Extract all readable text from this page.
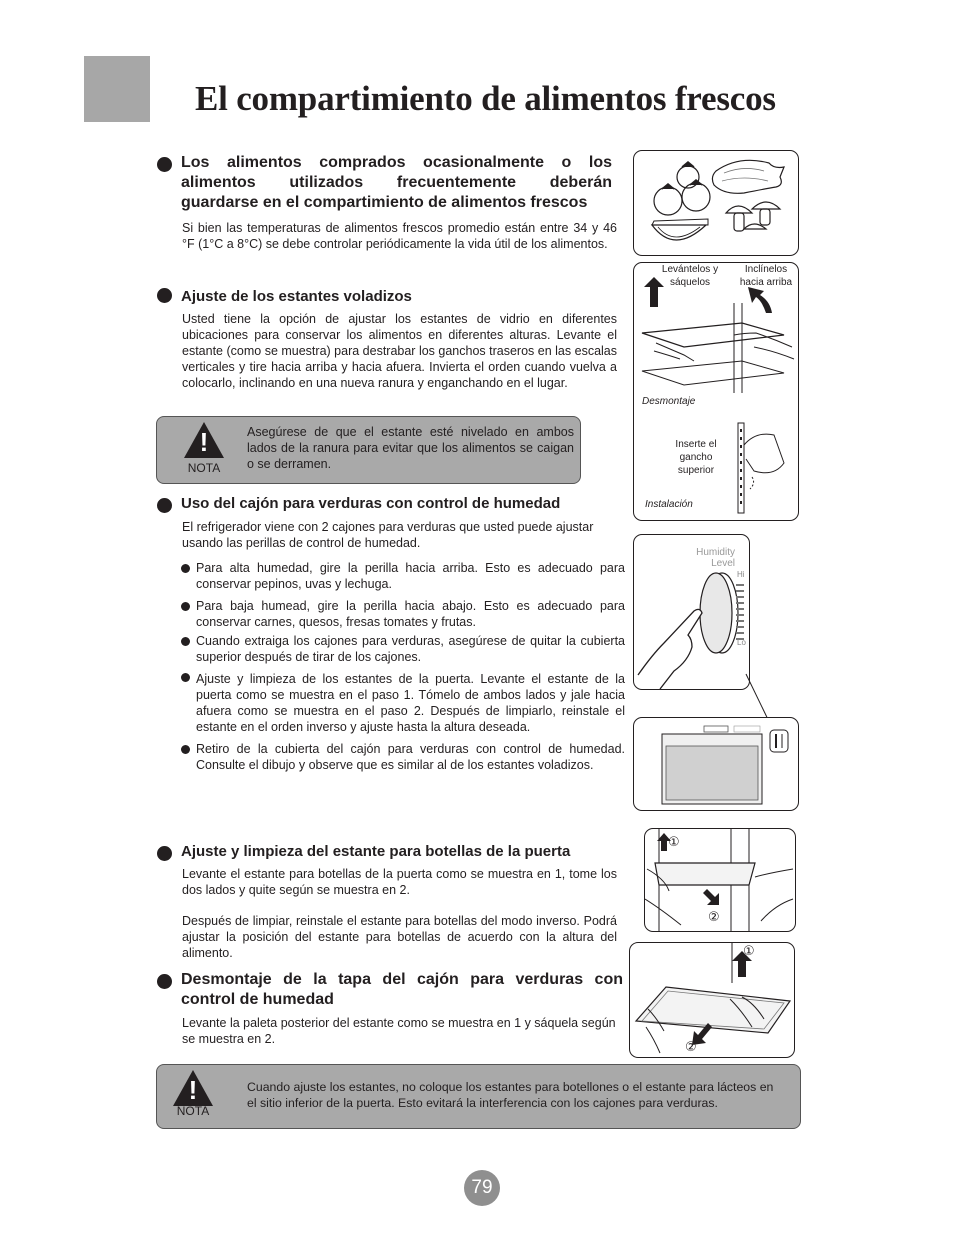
El compartimiento de alimentos frescos
Los alimentos comprados ocasionalmente o los
alimentos utilizados frecuentemente deberán
guardarse en el compartimiento de alimentos frescos
Si bien las temperaturas de alimentos frescos promedio están entre 34 y 46 °F (1°C a 8°C) se debe controlar periódicamente la vida útil de los alimentos.
Ajuste de los estantes voladizos
Usted tiene la opción de ajustar los estantes de vidrio en diferentes ubicaciones para conservar los alimentos en diferentes alturas. Levante el estante (como se muestra) para destrabar los ganchos traseros en las escalas verticales y tire hacia arriba y hacia afuera. Invierta el orden cuando vuelva a colocarlo, inclinando en una nueva ranura y enganchando en el lugar.
!
NOTA
Asegúrese de que el estante esté nivelado en ambos lados de la ranura para evitar que los alimentos se caigan o se derramen.
Uso del cajón para verduras con control de humedad
El refrigerador viene con 2 cajones para verduras que usted puede ajustar usando las perillas de control de humedad.
Para alta humedad, gire la perilla hacia arriba. Esto es adecuado para conservar pepinos, uvas y lechuga.
Para baja humead, gire la perilla hacia abajo. Esto es adecuado para conservar carnes, quesos, fresas tomates y frutas.
Cuando extraiga los cajones para verduras, asegúrese de quitar la cubierta superior después de tirar de los cajones.
Ajuste y limpieza de los estantes de la puerta. Levante el estante de la puerta como se muestra en el paso 1. Tómelo de ambos lados y jale hacia afuera como se muestra en el paso 2. Después de limpiarlo, reinstale el estante en el orden inverso y ajuste hasta la altura deseada.
Retiro de la cubierta del cajón para verduras con control de humedad. Consulte el dibujo y observe que es similar al de los estantes voladizos.
Ajuste y limpieza del estante para botellas de la puerta
Levante el estante para botellas de la puerta como se muestra en 1, tome los dos lados y quite según se muestra en 2.
Después de limpiar, reinstale el estante para botellas del modo inverso. Podrá ajustar la posición del estante para botellas de acuerdo con la altura del alimento.
Desmontaje de la tapa del cajón para verduras con
control de humedad
Levante la paleta posterior del estante como se muestra en 1 y sáquela según se muestra en 2.
!
NOTA
Cuando ajuste los estantes, no coloque los estantes para botellones o el estante para lácteos en el sitio inferior de la puerta. Esto evitará la interferencia con los cajones para verduras.
Levántelos y sáquelos
Inclínelos hacia arriba
Desmontaje
Inserte el gancho superior
Instalación
Humidity Level
Hi
Lo
①
②
①
②
79
